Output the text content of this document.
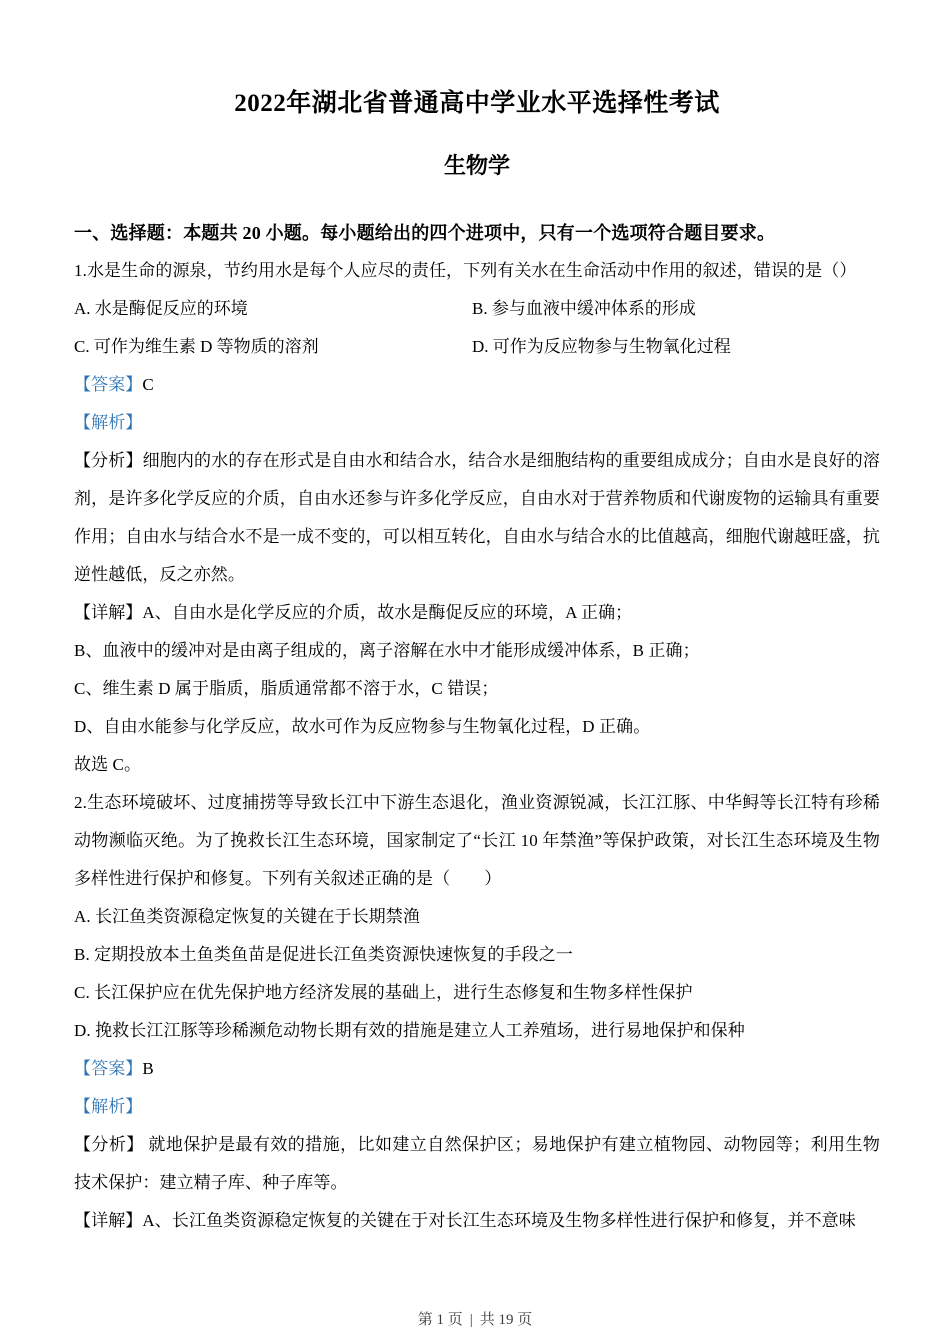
2022年湖北省普通高中学业水平选择性考试
生物学

一、选择题：本题共 20 小题。每小题给出的四个进项中，只有一个选项符合题目要求。

1.水是生命的源泉，节约用水是每个人应尽的责任，下列有关水在生命活动中作用的叙述，错误的是（）

A. 水是酶促反应的环境	B. 参与血液中缓冲体系的形成
C. 可作为维生素 D 等物质的溶剂	D. 可作为反应物参与生物氧化过程

【答案】C

【解析】

【分析】细胞内的水的存在形式是自由水和结合水，结合水是细胞结构的重要组成成分；自由水是良好的溶剂，是许多化学反应的介质，自由水还参与许多化学反应，自由水对于营养物质和代谢废物的运输具有重要作用；自由水与结合水不是一成不变的，可以相互转化，自由水与结合水的比值越高，细胞代谢越旺盛，抗逆性越低，反之亦然。

【详解】A、自由水是化学反应的介质，故水是酶促反应的环境，A 正确；

B、血液中的缓冲对是由离子组成的，离子溶解在水中才能形成缓冲体系，B 正确；

C、维生素 D 属于脂质，脂质通常都不溶于水，C 错误；

D、自由水能参与化学反应，故水可作为反应物参与生物氧化过程，D 正确。

故选 C。

2.生态环境破坏、过度捕捞等导致长江中下游生态退化，渔业资源锐减，长江江豚、中华鲟等长江特有珍稀动物濒临灭绝。为了挽救长江生态环境，国家制定了“长江 10 年禁渔”等保护政策，对长江生态环境及生物多样性进行保护和修复。下列有关叙述正确的是（　　）

A. 长江鱼类资源稳定恢复的关键在于长期禁渔

B. 定期投放本土鱼类鱼苗是促进长江鱼类资源快速恢复的手段之一

C. 长江保护应在优先保护地方经济发展的基础上，进行生态修复和生物多样性保护

D. 挽救长江江豚等珍稀濒危动物长期有效的措施是建立人工养殖场，进行易地保护和保种

【答案】B

【解析】

【分析】 就地保护是最有效的措施，比如建立自然保护区；易地保护有建立植物园、动物园等；利用生物技术保护：建立精子库、种子库等。

【详解】A、长江鱼类资源稳定恢复的关键在于对长江生态环境及生物多样性进行保护和修复，并不意味

第 1 页 | 共 19 页
